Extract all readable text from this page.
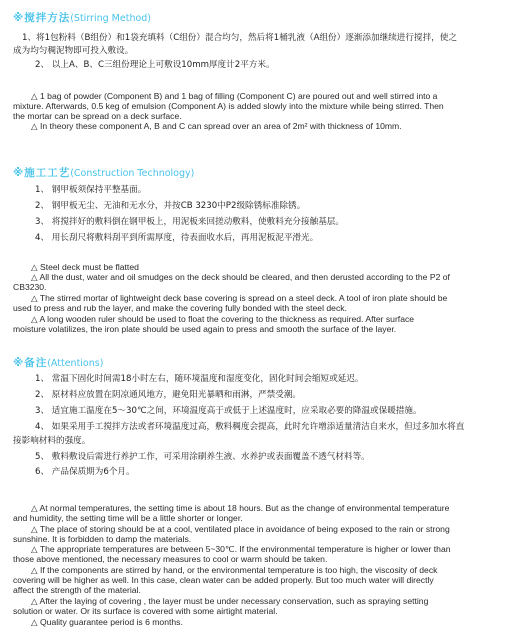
※搅拌方法(Stirring Method)
1、将1包粉料（B组份）和1袋充填料（C组份）混合均匀，然后将1桶乳液（A组份）逐渐添加继续进行搅拌，使之
成为均匀稠泥物即可投入敷设。
2、 以上A、B、C三组份理论上可敷设10mm厚度计2平方米。
△ 1 bag of powder (Component B) and 1 bag of filling (Component C) are poured out and well stirred into a
mixture. Afterwards, 0.5 keg of emulsion (Component A) is added slowly into the mixture while being stirred. Then
the mortar can be spread on a deck surface.
△ In theory these component A, B and C can spread over an area of 2m² with thickness of 10mm.
※施工工艺(Construction Technology)
1、 钢甲板须保持平整基面。
2、 钢甲板无尘、无油和无水分，并按CB 3230中P2级除锈标准除锈。
3、 将搅拌好的敷料倒在钢甲板上，用泥板来回搓动敷料，使敷料充分接触基层。
4、 用长刮尺将敷料刮平到所需厚度，待表面收水后，再用泥板泥平滑光。
△ Steel deck must be flatted
△ All the dust, water and oil smudges on the deck should be cleared, and then derusted according to the P2 of
CB3230.
△ The stirred mortar of lightweight deck base covering is spread on a steel deck. A tool of iron plate should be
used to press and rub the layer, and make the covering fully bonded with the steel deck.
△ A long wooden ruler should be used to float the covering to the thickness as required. After surface
moisture volatilizes, the iron plate should be used again to press and smooth the surface of the layer.
※备注(Attentions)
1、 常温下固化时间需18小时左右，随环境温度和湿度变化，固化时间会缩短或延迟。
2、 原材料应放置在阴凉通风地方，避免阳光暴晒和雨淋，严禁受潮。
3、 适宜施工温度在5～30℃之间，环境温度高于或低于上述温度时，应采取必要的降温或保暖措施。
4、 如果采用手工搅拌方法或者环境温度过高，敷料稠度会提高，此时允许增添适量清洁自来水，但过多加水将直
接影响材料的强度。
5、 敷料敷设后需进行养护工作，可采用涂刷养生液、水养护或表面覆盖不透气材料等。
6、 产品保质期为6个月。
△ At normal temperatures, the setting time is about 18 hours. But as the change of environmental temperature
and humidity, the setting time will be a little shorter or longer.
△ The place of storing should be at a cool, ventilated place in avoidance of being exposed to the rain or strong
sunshine. It is forbidden to damp the materials.
△ The appropriate temperatures are between 5~30℃. If the environmental temperature is higher or lower than
those above mentioned, the necessary measures to cool or warm should be taken.
△ If the components are stirred by hand, or the environmental temperature is too high, the viscosity of deck
covering will be higher as well. In this case, clean water can be added properly. But too much water will directly
affect the strength of the material.
△ After the laying of covering , the layer must be under necessary conservation, such as spraying setting
solution or water. Or its surface is covered with some airtight material.
△ Quality guarantee period is 6 months.
